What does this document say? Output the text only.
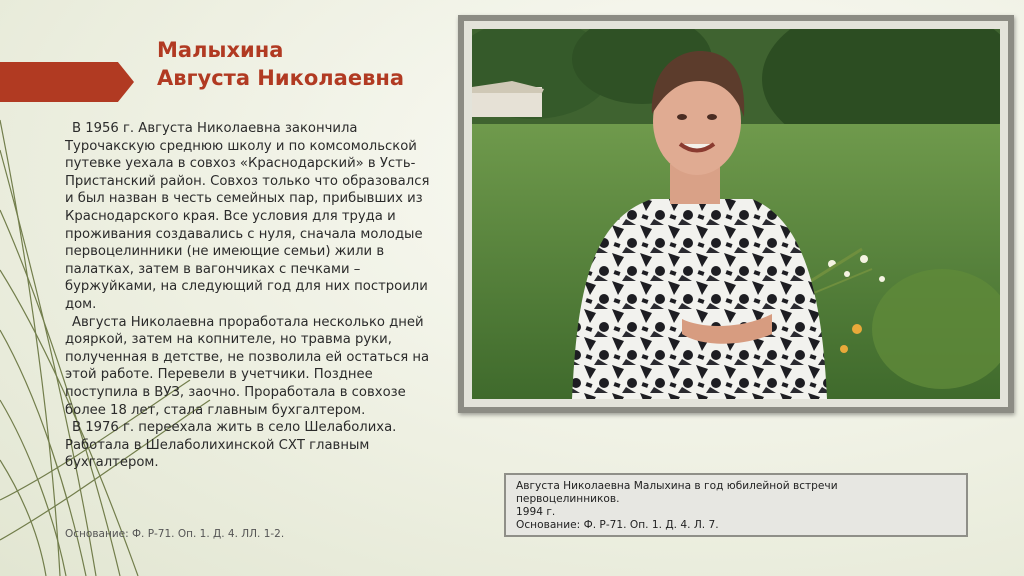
Малыхина
Августа Николаевна

В 1956 г. Августа Николаевна закончила Турочакскую среднюю школу и по комсомольской путевке уехала в совхоз «Краснодарский» в Усть-Пристанский район. Совхоз только что образовался и был назван в честь семейных пар, прибывших из Краснодарского края. Все условия для труда и проживания создавались с нуля, сначала молодые первоцелинники (не имеющие семьи) жили в палатках, затем в вагончиках с печками – буржуйками, на следующий год для них построили дом.

Августа Николаевна проработала несколько дней дояркой, затем на копнителе, но травма руки, полученная в детстве, не позволила ей остаться на этой работе. Перевели в учетчики. Позднее поступила в ВУЗ, заочно. Проработала в совхозе более 18 лет, стала главным бухгалтером.

В 1976 г. переехала жить в село Шелаболиха. Работала в Шелаболихинской СХТ главным бухгалтером.

Основание: Ф. Р-71. Оп. 1. Д. 4. ЛЛ. 1-2.
Августа Николаевна Малыхина в год юбилейной встречи
первоцелинников.
1994 г.
Основание: Ф. Р-71. Оп. 1. Д. 4. Л. 7.
